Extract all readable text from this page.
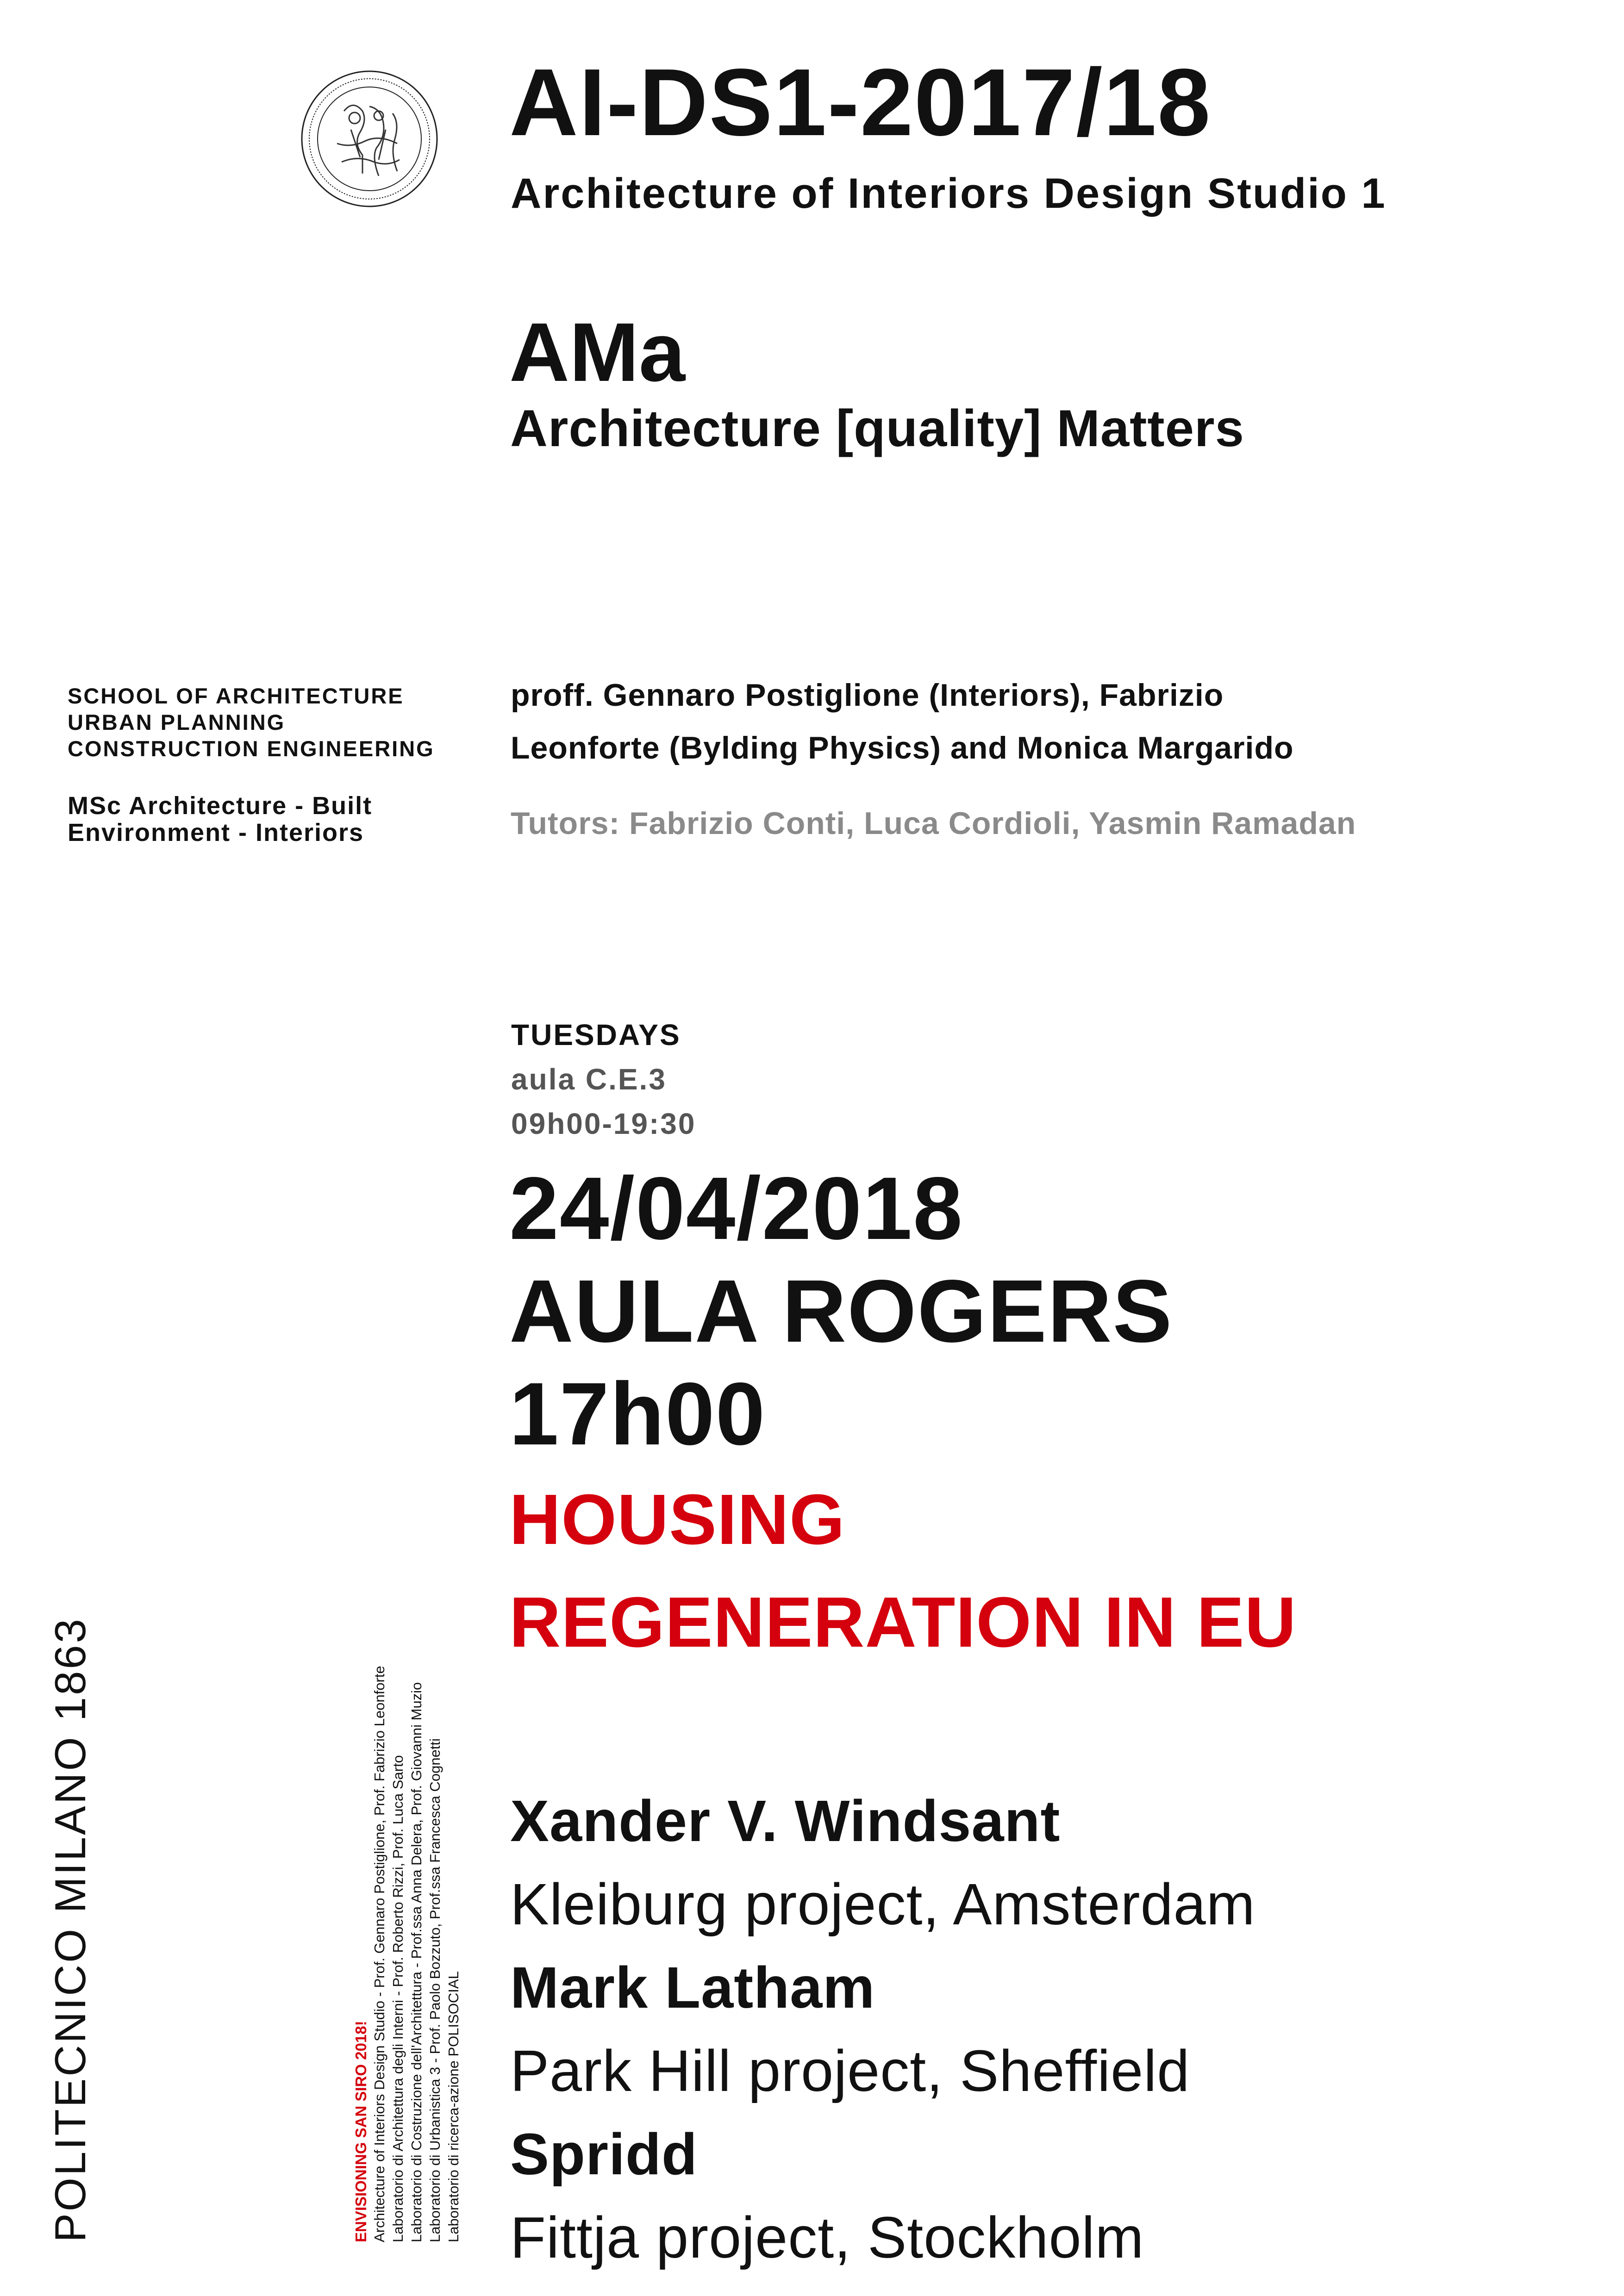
AI-DS1-2017/18
Architecture of Interiors Design Studio 1
AMa
Architecture [quality] Matters
SCHOOL OF ARCHITECTURE
URBAN PLANNING
CONSTRUCTION ENGINEERING
MSc Architecture - Built
Environment - Interiors
proff. Gennaro Postiglione (Interiors), Fabrizio
Leonforte (Bylding Physics) and Monica Margarido
Tutors: Fabrizio Conti, Luca Cordioli, Yasmin Ramadan
TUESDAYS
aula C.E.3
09h00-19:30
24/04/2018
AULA ROGERS
17h00
HOUSING
REGENERATION IN EU
Xander V. Windsant
Kleiburg project, Amsterdam
Mark Latham
Park Hill project, Sheffield
Spridd
Fittja project, Stockholm
POLITECNICO MILANO 1863	ENVISIONING SAN SIRO 2018! Architecture of Interiors Design Studio - Prof. Gennaro Postiglione, Prof. Fabrizio Leonforte Laboratorio di Architettura degli Interni - Prof. Roberto Rizzi, Prof. Luca Sarto Laboratorio di Costruzione dell'Architettura - Prof.ssa Anna Delera, Prof. Giovanni Muzio Laboratorio di Urbanistica 3 - Prof. Paolo Bozzuto, Prof.ssa Francesca Cognetti Laboratorio di ricerca-azione POLISOCIAL
